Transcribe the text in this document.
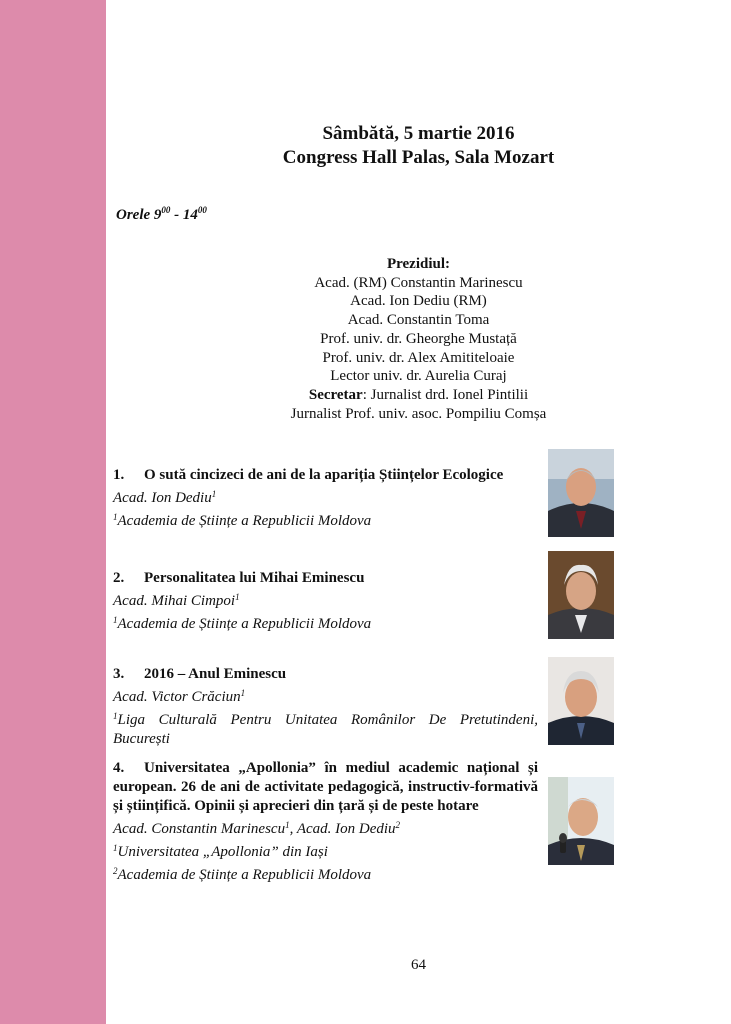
Sâmbătă, 5 martie 2016
Congress Hall Palas, Sala Mozart
Orele $9^{00} - 14^{00}$
Prezidiul:
Acad. (RM) Constantin Marinescu
Acad. Ion Dediu (RM)
Acad. Constantin Toma
Prof. univ. dr. Gheorghe Mustață
Prof. univ. dr. Alex Amititeloaie
Lector univ. dr. Aurelia Curaj
Secretar: Jurnalist drd. Ionel Pintilii
Jurnalist Prof. univ. asoc. Pompiliu Comșa
1. O sută cincizeci de ani de la apariția Științelor Ecologice
Acad. Ion Dediu$^1$
$^1$Academia de Științe a Republicii Moldova
2. Personalitatea lui Mihai Eminescu
Acad. Mihai Cimpoi$^1$
$^1$Academia de Științe a Republicii Moldova
3. 2016 – Anul Eminescu
Acad. Victor Crăciun$^1$
$^1$Liga Culturală Pentru Unitatea Românilor De Pretutindeni, București
4. Universitatea „Apollonia” în mediul academic național și european. 26 de ani de activitate pedagogică, instructiv-formativă și științifică. Opinii și aprecieri din țară și de peste hotare
Acad. Constantin Marinescu$^1$, Acad. Ion Dediu$^2$
$^1$Universitatea „Apollonia” din Iași
$^2$Academia de Științe a Republicii Moldova
64
